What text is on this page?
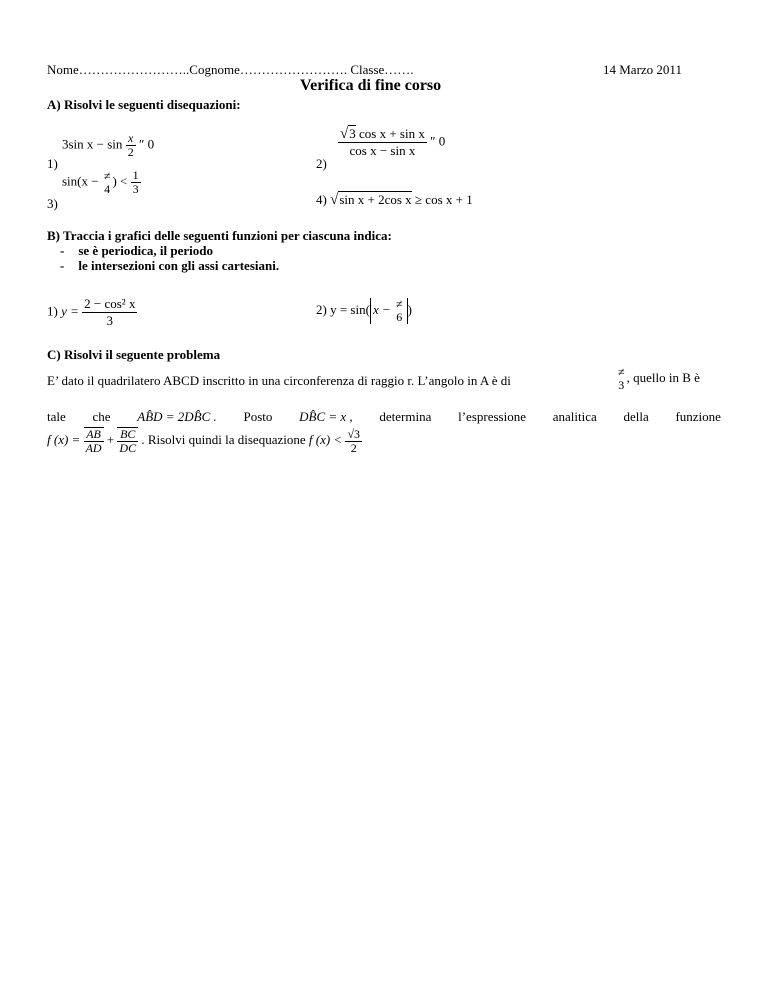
Nome……………………..Cognome……………………. Classe…….	14 Marzo 2011
Verifica di fine corso
A) Risolvi le seguenti disequazioni:
1)
3sin $x - \sin \frac{x}{2}$ ″ 0
2)
$\frac{\text{√3 cos x + sin x}}{\text{cos x − sin x}}$ ″ 0
3)
sin(x − ≠
4
) < $\frac{1}{3}$
4) √sin x + 2cos x ≥ cos x + 1
B) Traccia i grafici delle seguenti funzioni per ciascuna indica:
- se è periodica, il periodo
- le intersezioni con gli assi cartesiani.
1) $y = \frac{\text{2 − cos² x}}{3}$	2) y = sin( x − ≠
6
)
C) Risolvi il seguente problema
E’ dato il quadrilatero ABCD inscritto in una circonferenza di raggio r. L’angolo in A è di
≠
3
, quello in B è
tale che AB̂D = 2DB̂C . Posto DB̂C = x , determina l’espressione analitica della funzione
f $(x) = \frac{AB}{AD} + \frac{BC}{DC}$ . Risolvi quindi la disequazione f $(x) < \frac{√3}{2}$
